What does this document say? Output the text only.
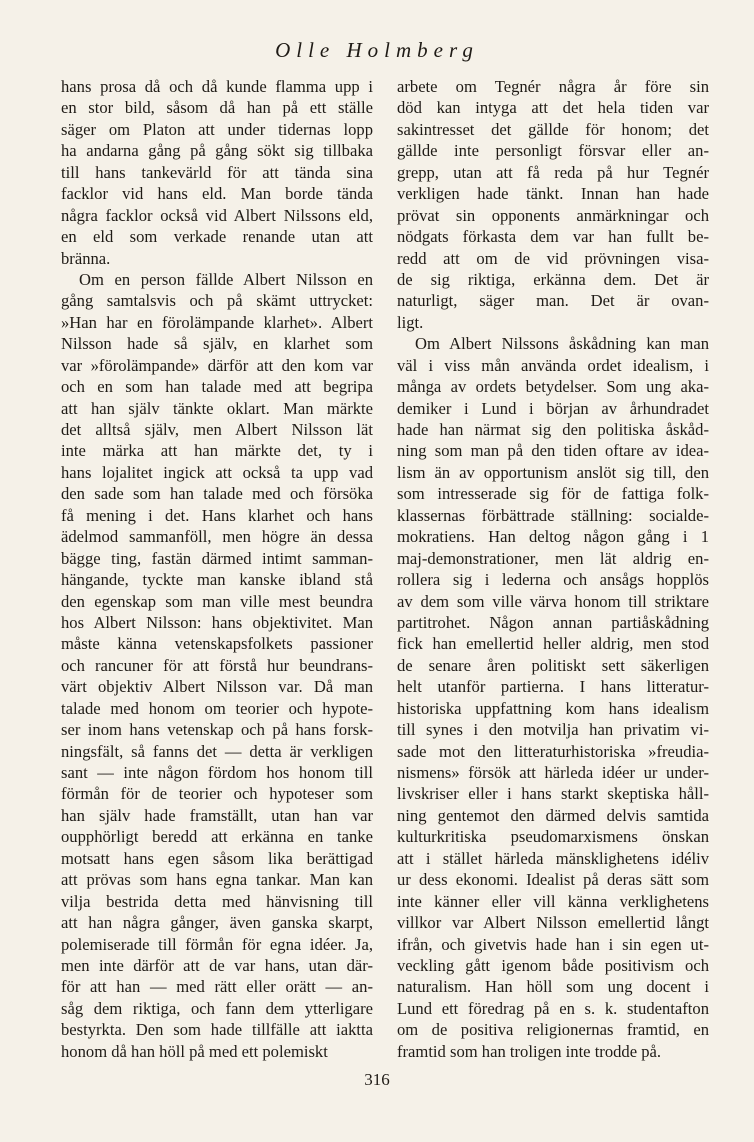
Olle Holmberg
hans prosa då och då kunde flamma upp i
en stor bild, såsom då han på ett ställe
säger om Platon att under tidernas lopp
ha andarna gång på gång sökt sig tillbaka
till hans tankevärld för att tända sina
facklor vid hans eld. Man borde tända
några facklor också vid Albert Nilssons eld,
en eld som verkade renande utan att
bränna.
Om en person fällde Albert Nilsson en
gång samtalsvis och på skämt uttrycket:
»Han har en förolämpande klarhet». Albert
Nilsson hade så själv, en klarhet som
var »förolämpande» därför att den kom var
och en som han talade med att begripa
att han själv tänkte oklart. Man märkte
det alltså själv, men Albert Nilsson lät
inte märka att han märkte det, ty i
hans lojalitet ingick att också ta upp vad
den sade som han talade med och försöka
få mening i det. Hans klarhet och hans
ädelmod sammanföll, men högre än dessa
bägge ting, fastän därmed intimt samman-
hängande, tyckte man kanske ibland stå
den egenskap som man ville mest beundra
hos Albert Nilsson: hans objektivitet. Man
måste känna vetenskapsfolkets passioner
och rancuner för att förstå hur beundrans-
värt objektiv Albert Nilsson var. Då man
talade med honom om teorier och hypote-
ser inom hans vetenskap och på hans forsk-
ningsfält, så fanns det — detta är verkligen
sant — inte någon fördom hos honom till
förmån för de teorier och hypoteser som
han själv hade framställt, utan han var
oupphörligt beredd att erkänna en tanke
motsatt hans egen såsom lika berättigad
att prövas som hans egna tankar. Man kan
vilja bestrida detta med hänvisning till
att han några gånger, även ganska skarpt,
polemiserade till förmån för egna idéer. Ja,
men inte därför att de var hans, utan där-
för att han — med rätt eller orätt — an-
såg dem riktiga, och fann dem ytterligare
bestyrkta. Den som hade tillfälle att iaktta
honom då han höll på med ett polemiskt
arbete om Tegnér några år före sin
död kan intyga att det hela tiden var
sakintresset det gällde för honom; det
gällde inte personligt försvar eller an-
grepp, utan att få reda på hur Tegnér
verkligen hade tänkt. Innan han hade
prövat sin opponents anmärkningar och
nödgats förkasta dem var han fullt be-
redd att om de vid prövningen visa-
de sig riktiga, erkänna dem. Det är
naturligt, säger man. Det är ovan-
ligt.
Om Albert Nilssons åskådning kan man
väl i viss mån använda ordet idealism, i
många av ordets betydelser. Som ung aka-
demiker i Lund i början av århundradet
hade han närmat sig den politiska åskåd-
ning som man på den tiden oftare av idea-
lism än av opportunism anslöt sig till, den
som intresserade sig för de fattiga folk-
klassernas förbättrade ställning: socialde-
mokratiens. Han deltog någon gång i 1
maj-demonstrationer, men lät aldrig en-
rollera sig i lederna och ansågs hopplös
av dem som ville värva honom till striktare
partitrohet. Någon annan partiåskådning
fick han emellertid heller aldrig, men stod
de senare åren politiskt sett säkerligen
helt utanför partierna. I hans litteratur-
historiska uppfattning kom hans idealism
till synes i den motvilja han privatim vi-
sade mot den litteraturhistoriska »freudia-
nismens» försök att härleda idéer ur under-
livskriser eller i hans starkt skeptiska håll-
ning gentemot den därmed delvis samtida
kulturkritiska pseudomarxismens önskan
att i stället härleda mänsklighetens idéliv
ur dess ekonomi. Idealist på deras sätt som
inte känner eller vill känna verklighetens
villkor var Albert Nilsson emellertid långt
ifrån, och givetvis hade han i sin egen ut-
veckling gått igenom både positivism och
naturalism. Han höll som ung docent i
Lund ett föredrag på en s. k. studentafton
om de positiva religionernas framtid, en
framtid som han troligen inte trodde på.
316
